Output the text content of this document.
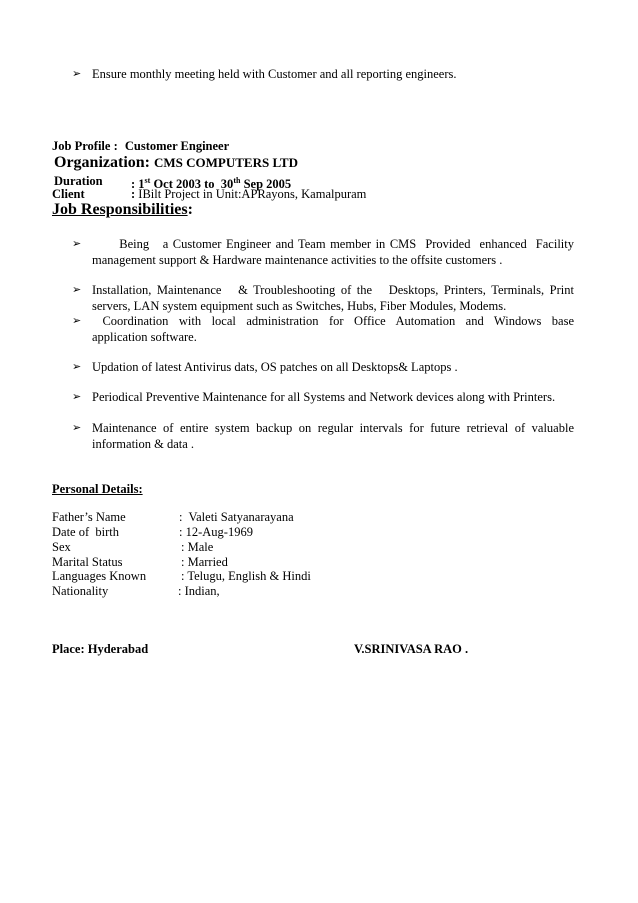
➢ Ensure monthly meeting held with Customer and all reporting engineers.
Job Profile : Customer Engineer
Organization: CMS COMPUTERS LTD
Duration : 1st Oct 2003 to  30th Sep 2005
Client	: IBilt Project in Unit:APRayons, Kamalpuram
Job Responsibilities:
➢ Being   a Customer Engineer and Team member in CMS  Provided  enhanced  Facility
management support & Hardware maintenance activities to the offsite customers .
➢ Installation, Maintenance   & Troubleshooting of the   Desktops, Printers, Terminals, Print
servers, LAN system equipment such as Switches, Hubs, Fiber Modules, Modems.
➢ Coordination  with  local  administration  for  Office  Automation  and  Windows  base
application software.
➢ Updation of latest Antivirus dats, OS patches on all Desktops& Laptops .
➢ Periodical Preventive Maintenance for all Systems and Network devices along with Printers.
➢ Maintenance  of  entire  system  backup  on  regular  intervals  for  future  retrieval  of  valuable
information & data .
Personal Details:
Father’s Name	:  Valeti Satyanarayana
Date of  birth	: 12-Aug-1969
Sex	: Male
Marital Status	: Married
Languages Known	: Telugu, English & Hindi
Nationality	: Indian,
Place: Hyderabad	V.SRINIVASA RAO .
